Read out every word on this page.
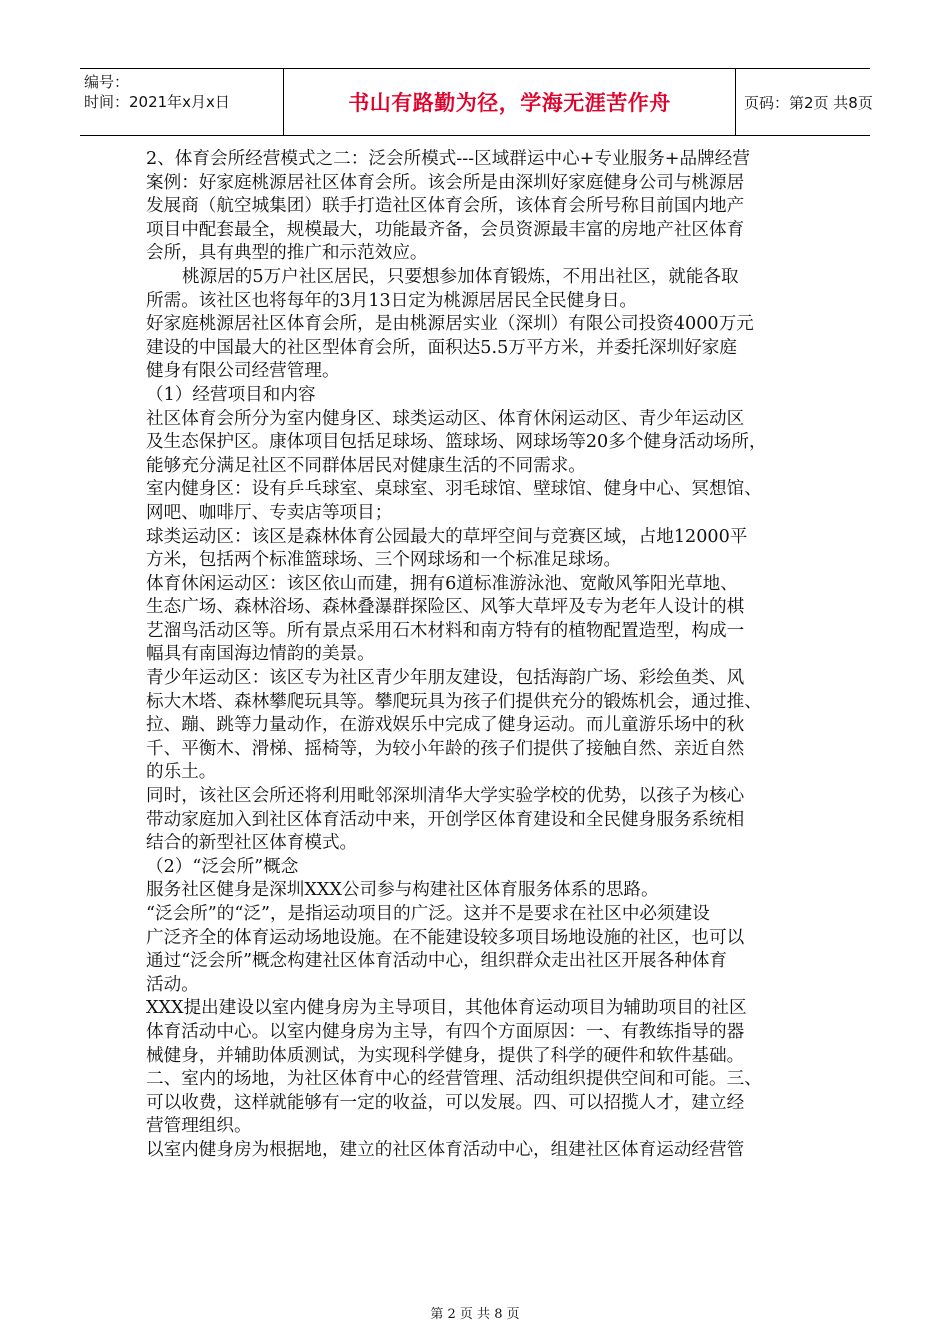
编号：
时间：2021年x月x日	书山有路勤为径，学海无涯苦作舟	页码：第2页 共8页
2、体育会所经营模式之二：泛会所模式---区域群运中心+专业服务+品牌经营
案例：好家庭桃源居社区体育会所。该会所是由深圳好家庭健身公司与桃源居
发展商（航空城集团）联手打造社区体育会所，该体育会所号称目前国内地产
项目中配套最全，规模最大，功能最齐备，会员资源最丰富的房地产社区体育
会所，具有典型的推广和示范效应。
桃源居的5万户社区居民，只要想参加体育锻炼，不用出社区，就能各取
所需。该社区也将每年的3月13日定为桃源居居民全民健身日。
好家庭桃源居社区体育会所，是由桃源居实业（深圳）有限公司投资4000万元
建设的中国最大的社区型体育会所，面积达5.5万平方米，并委托深圳好家庭
健身有限公司经营管理。
（1）经营项目和内容
社区体育会所分为室内健身区、球类运动区、体育休闲运动区、青少年运动区
及生态保护区。康体项目包括足球场、篮球场、网球场等20多个健身活动场所，
能够充分满足社区不同群体居民对健康生活的不同需求。
室内健身区：设有乒乓球室、桌球室、羽毛球馆、壁球馆、健身中心、冥想馆、
网吧、咖啡厅、专卖店等项目；
球类运动区：该区是森林体育公园最大的草坪空间与竞赛区域，占地12000平
方米，包括两个标准篮球场、三个网球场和一个标准足球场。
体育休闲运动区：该区依山而建，拥有6道标准游泳池、宽敞风筝阳光草地、
生态广场、森林浴场、森林叠瀑群探险区、风筝大草坪及专为老年人设计的棋
艺溜鸟活动区等。所有景点采用石木材料和南方特有的植物配置造型，构成一
幅具有南国海边情韵的美景。
青少年运动区：该区专为社区青少年朋友建设，包括海韵广场、彩绘鱼类、风
标大木塔、森林攀爬玩具等。攀爬玩具为孩子们提供充分的锻炼机会，通过推、
拉、蹦、跳等力量动作，在游戏娱乐中完成了健身运动。而儿童游乐场中的秋
千、平衡木、滑梯、摇椅等，为较小年龄的孩子们提供了接触自然、亲近自然
的乐土。
同时，该社区会所还将利用毗邻深圳清华大学实验学校的优势，以孩子为核心
带动家庭加入到社区体育活动中来，开创学区体育建设和全民健身服务系统相
结合的新型社区体育模式。
（2）“泛会所”概念
服务社区健身是深圳XXX公司参与构建社区体育服务体系的思路。
“泛会所”的“泛”，是指运动项目的广泛。这并不是要求在社区中必须建设
广泛齐全的体育运动场地设施。在不能建设较多项目场地设施的社区，也可以
通过“泛会所”概念构建社区体育活动中心，组织群众走出社区开展各种体育
活动。
XXX提出建设以室内健身房为主导项目，其他体育运动项目为辅助项目的社区
体育活动中心。以室内健身房为主导，有四个方面原因：一、有教练指导的器
械健身，并辅助体质测试，为实现科学健身，提供了科学的硬件和软件基础。
二、室内的场地，为社区体育中心的经营管理、活动组织提供空间和可能。三、
可以收费，这样就能够有一定的收益，可以发展。四、可以招揽人才，建立经
营管理组织。
以室内健身房为根据地，建立的社区体育活动中心，组建社区体育运动经营管
第 2 页 共 8 页
